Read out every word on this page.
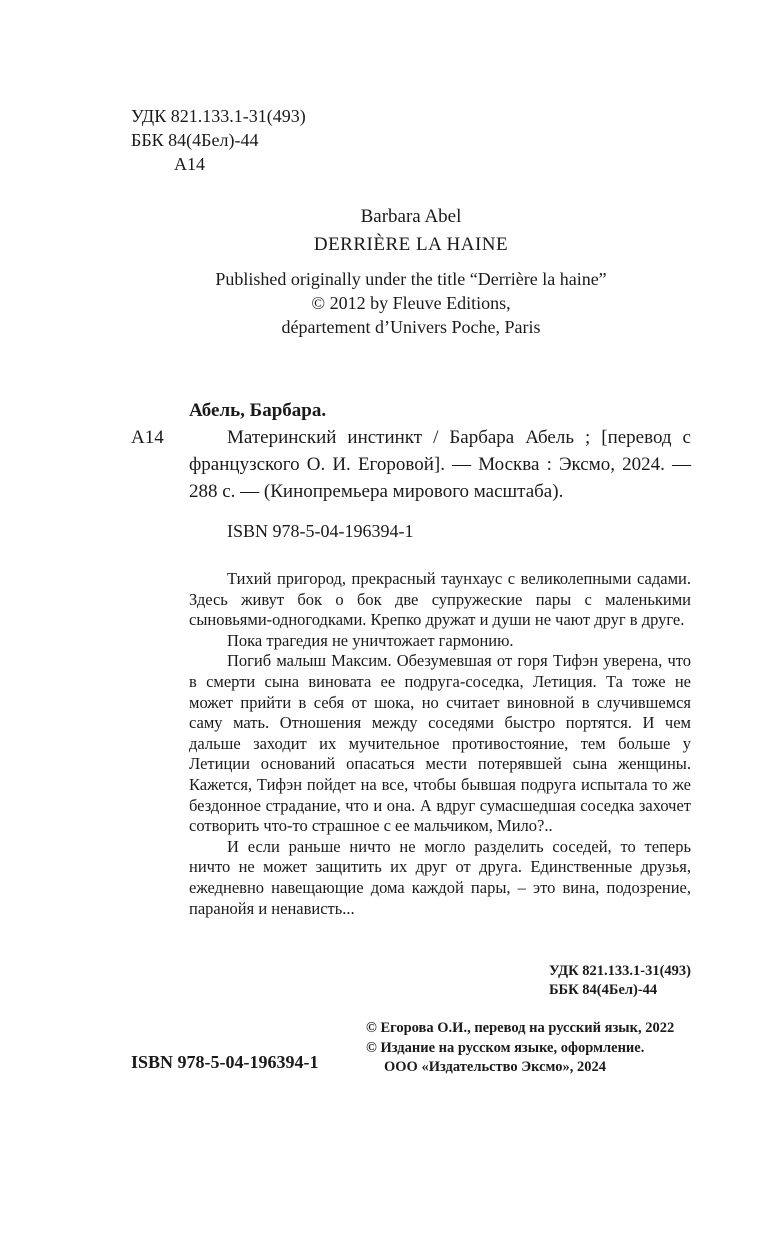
УДК 821.133.1-31(493)
ББК 84(4Бел)-44
А14
Barbara Abel
DERRIÈRE LA HAINE
Published originally under the title “Derrière la haine”
© 2012 by Fleuve Editions,
département d’Univers Poche, Paris
Абель, Барбара.
А14	Материнский инстинкт / Барбара Абель ; [перевод с французского О. И. Егоровой]. — Москва : Эксмо, 2024. — 288 с. — (Кинопремьера мирового масштаба).
ISBN 978-5-04-196394-1

Тихий пригород, прекрасный таунхаус с великолепными садами. Здесь живут бок о бок две супружеские пары с маленькими сыновьями-одногодками. Крепко дружат и души не чают друг в друге.

Пока трагедия не уничтожает гармонию.

Погиб малыш Максим. Обезумевшая от горя Тифэн уверена, что в смерти сына виновата ее подруга-соседка, Летиция. Та тоже не может прийти в себя от шока, но считает виновной в случившемся саму мать. Отношения между соседями быстро портятся. И чем дальше заходит их мучительное противостояние, тем больше у Летиции оснований опасаться мести потерявшей сына женщины. Кажется, Тифэн пойдет на все, чтобы бывшая подруга испытала то же бездонное страдание, что и она. А вдруг сумасшедшая соседка захочет сотворить что-то страшное с ее мальчиком, Мило?..

И если раньше ничто не могло разделить соседей, то теперь ничто не может защитить их друг от друга. Единственные друзья, ежедневно навещающие дома каждой пары, – это вина, подозрение, паранойя и ненависть...

УДК 821.133.1-31(493)
ББК 84(4Бел)-44
© Егорова О.И., перевод на русский язык, 2022
© Издание на русском языке, оформление.
ООО «Издательство Эксмо», 2024
ISBN 978-5-04-196394-1
